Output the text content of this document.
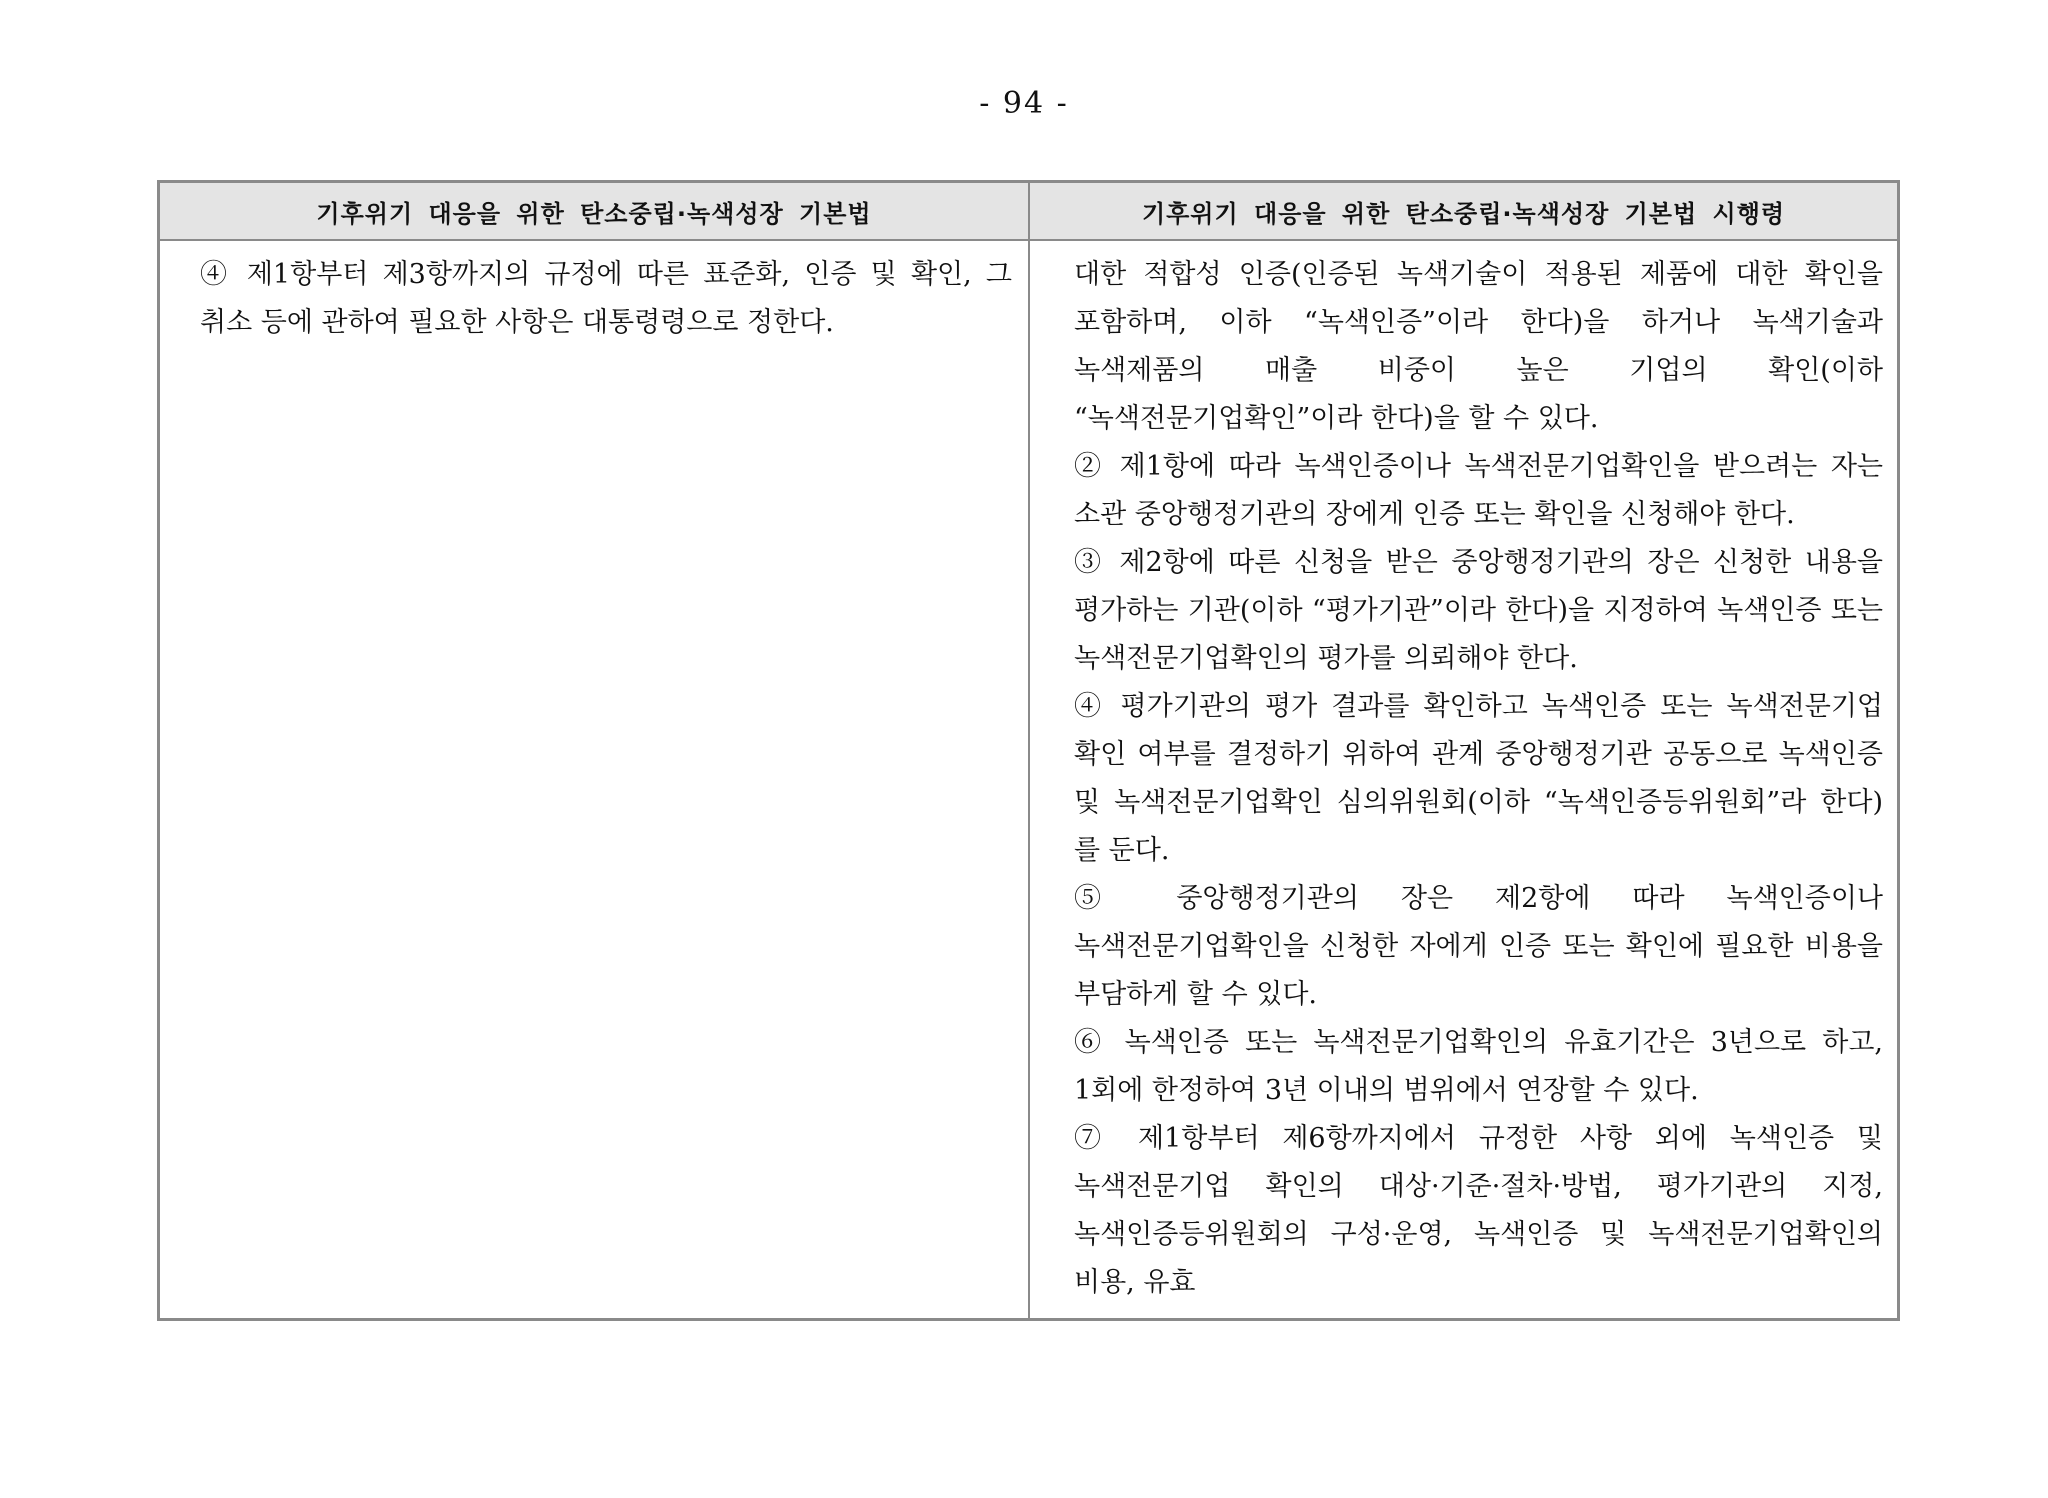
- 94 -
기후위기 대응을 위한 탄소중립·녹색성장 기본법	기후위기 대응을 위한 탄소중립·녹색성장 기본법 시행령

④ 제1항부터 제3항까지의 규정에 따른 표준화, 인증 및 확인, 그 취소 등에 관하여 필요한 사항은 대통령령으로 정한다.

대한 적합성 인증(인증된 녹색기술이 적용된 제품에 대한 확인을 포함하며, 이하 “녹색인증”이라 한다)을 하거나 녹색기술과 녹색제품의 매출 비중이 높은 기업의 확인(이하 “녹색전문기업확인”이라 한다)을 할 수 있다.

② 제1항에 따라 녹색인증이나 녹색전문기업확인을 받으려는 자는 소관 중앙행정기관의 장에게 인증 또는 확인을 신청해야 한다.

③ 제2항에 따른 신청을 받은 중앙행정기관의 장은 신청한 내용을 평가하는 기관(이하 “평가기관”이라 한다)을 지정하여 녹색인증 또는 녹색전문기업확인의 평가를 의뢰해야 한다.

④ 평가기관의 평가 결과를 확인하고 녹색인증 또는 녹색전문기업 확인 여부를 결정하기 위하여 관계 중앙행정기관 공동으로 녹색인증 및 녹색전문기업확인 심의위원회(이하 “녹색인증등위원회”라 한다)를 둔다.

⑤ 중앙행정기관의 장은 제2항에 따라 녹색인증이나 녹색전문기업확인을 신청한 자에게 인증 또는 확인에 필요한 비용을 부담하게 할 수 있다.

⑥ 녹색인증 또는 녹색전문기업확인의 유효기간은 3년으로 하고, 1회에 한정하여 3년 이내의 범위에서 연장할 수 있다.

⑦ 제1항부터 제6항까지에서 규정한 사항 외에 녹색인증 및 녹색전문기업 확인의 대상·기준·절차·방법, 평가기관의 지정, 녹색인증등위원회의 구성·운영, 녹색인증 및 녹색전문기업확인의 비용, 유효
